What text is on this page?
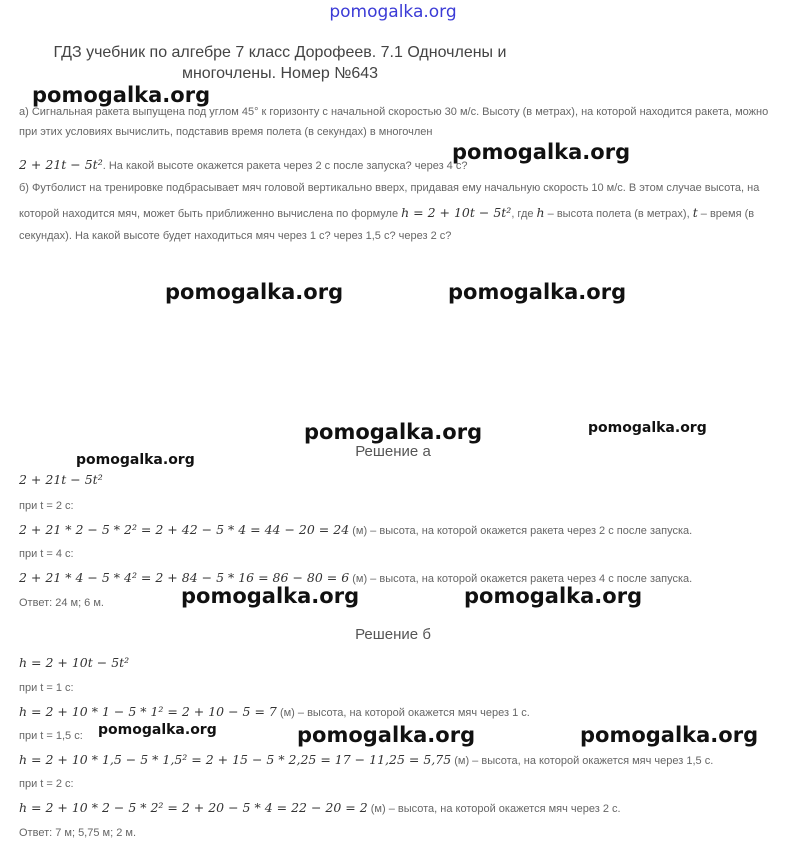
pomogalka.org
ГДЗ учебник по алгебре 7 класс Дорофеев. 7.1 Одночлены и
многочлены. Номер №643
а) Сигнальная ракета выпущена под углом 45° к горизонту с начальной скоростью 30 м/с. Высоту (в метрах), на которой находится ракета, можно
при этих условиях вычислить, подставив время полета (в секундах) в многочлен
2 + 21t − 5t². На какой высоте окажется ракета через 2 с после запуска? через 4 с?
б) Футболист на тренировке подбрасывает мяч головой вертикально вверх, придавая ему начальную скорость 10 м/с. В этом случае высота, на
которой находится мяч, может быть приближенно вычислена по формуле h = 2 + 10t − 5t², где h – высота полета (в метрах), t – время (в
секундах). На какой высоте будет находиться мяч через 1 с? через 1,5 с? через 2 с?
Решение а
2 + 21t − 5t²
при t = 2 с:
2 + 21 * 2 − 5 * 2² = 2 + 42 − 5 * 4 = 44 − 20 = 24 (м) – высота, на которой окажется ракета через 2 с после запуска.
при t = 4 с:
2 + 21 * 4 − 5 * 4² = 2 + 84 − 5 * 16 = 86 − 80 = 6 (м) – высота, на которой окажется ракета через 4 с после запуска.
Ответ: 24 м; 6 м.
Решение б
h = 2 + 10t − 5t²
при t = 1 с:
h = 2 + 10 * 1 − 5 * 1² = 2 + 10 − 5 = 7 (м) – высота, на которой окажется мяч через 1 с.
при t = 1,5 с:
h = 2 + 10 * 1,5 − 5 * 1,5² = 2 + 15 − 5 * 2,25 = 17 − 11,25 = 5,75 (м) – высота, на которой окажется мяч через 1,5 с.
при t = 2 с:
h = 2 + 10 * 2 − 5 * 2² = 2 + 20 − 5 * 4 = 22 − 20 = 2 (м) – высота, на которой окажется мяч через 2 с.
Ответ: 7 м; 5,75 м; 2 м.
pomogalka.org
pomogalka.org
pomogalka.org	pomogalka.org
pomogalka.org	pomogalka.org
pomogalka.org
pomogalka.org	pomogalka.org
pomogalka.org	pomogalka.org	pomogalka.org
